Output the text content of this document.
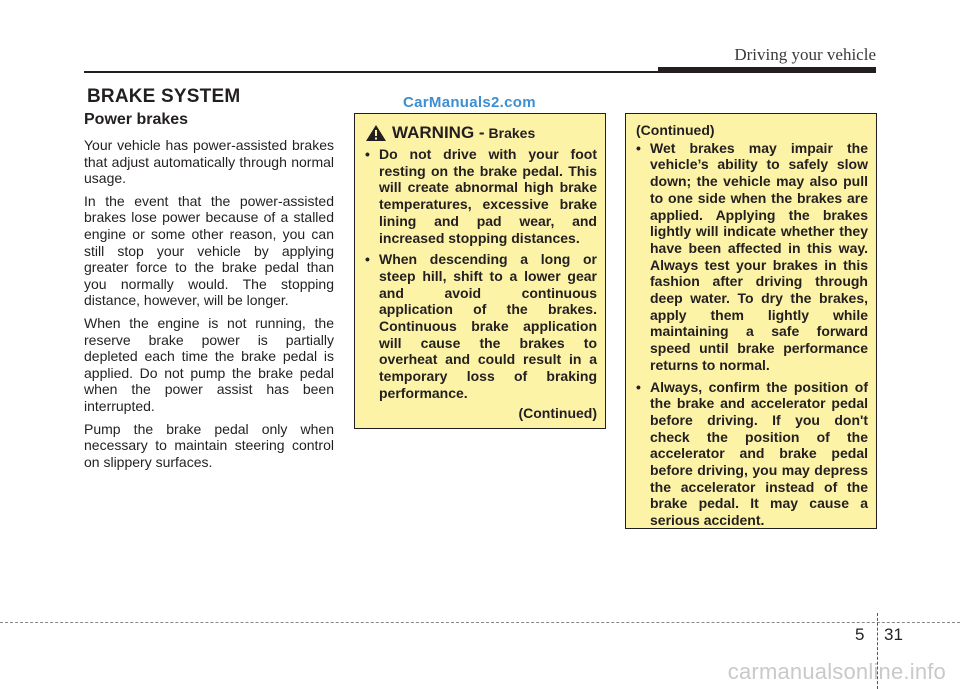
Driving your vehicle
BRAKE SYSTEM	CarManuals2.com
Power brakes

Your vehicle has power-assisted brakes that adjust automatically through normal usage.

In the event that the power-assisted brakes lose power because of a stalled engine or some other reason, you can still stop your vehicle by applying greater force to the brake pedal than you normally would. The stopping distance, however, will be longer.

When the engine is not running, the reserve brake power is partially depleted each time the brake pedal is applied. Do not pump the brake pedal when the power assist has been interrupted.

Pump the brake pedal only when necessary to maintain steering control on slippery surfaces.

WARNING - Brakes
• Do not drive with your foot resting on the brake pedal. This will create abnormal high brake temperatures, excessive brake lining and pad wear, and increased stopping distances.
• When descending a long or steep hill, shift to a lower gear and avoid continuous application of the brakes. Continuous brake application will cause the brakes to overheat and could result in a temporary loss of braking performance.
(Continued)
(Continued)
• Wet brakes may impair the vehicle’s ability to safely slow down; the vehicle may also pull to one side when the brakes are applied. Applying the brakes lightly will indicate whether they have been affected in this way. Always test your brakes in this fashion after driving through deep water. To dry the brakes, apply them lightly while maintaining a safe forward speed until brake performance returns to normal.
• Always, confirm the position of the brake and accelerator pedal before driving. If you don't check the position of the accelerator and brake pedal before driving, you may depress the accelerator instead of the brake pedal. It may cause a serious accident.
5	31
carmanualsonline.info
